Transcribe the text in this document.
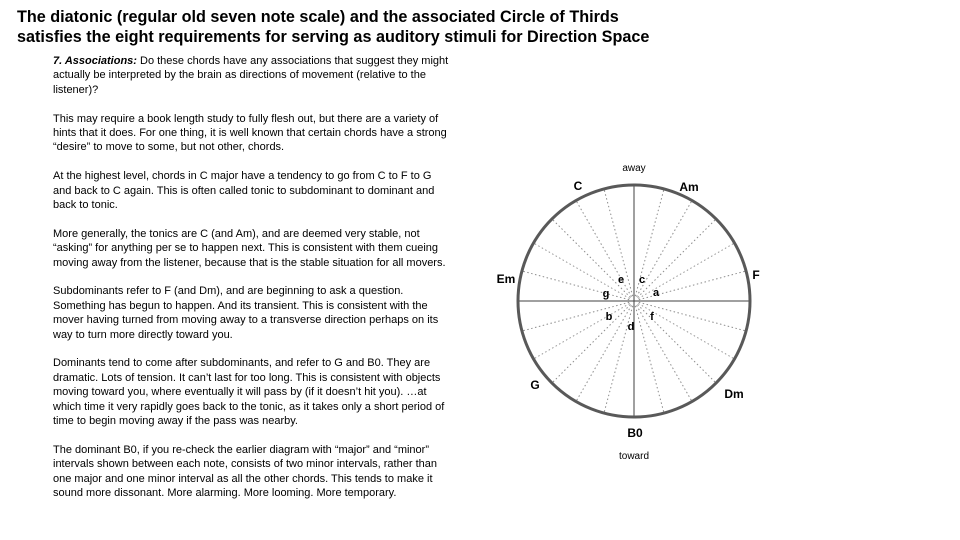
The diatonic (regular old seven note scale) and the associated Circle of Thirds
satisfies the eight requirements for serving as auditory stimuli for Direction Space

7. Associations: Do these chords have any associations that suggest they might
actually be interpreted by the brain as directions of movement (relative to the
listener)?

This may require a book length study to fully flesh out, but there are a variety of
hints that it does. For one thing, it is well known that certain chords have a strong
“desire” to move to some, but not other, chords.

At the highest level, chords in C major have a tendency to go from C to F to G
and back to C again. This is often called tonic to subdominant to dominant and
back to tonic.

More generally, the tonics are C (and Am), and are deemed very stable, not
“asking” for anything per se to happen next. This is consistent with them cueing
moving away from the listener, because that is the stable situation for all movers.

Subdominants refer to F (and Dm), and are beginning to ask a question.
Something has begun to happen. And its transient. This is consistent with the
mover having turned from moving away to a transverse direction perhaps on its
way to turn more directly toward you.

Dominants tend to come after subdominants, and refer to G and B0. They are
dramatic. Lots of tension. It can’t last for too long. This is consistent with objects
moving toward you, where eventually it will pass by (if it doesn’t hit you). …at
which time it very rapidly goes back to the tonic, as it takes only a short period of
time to begin moving away if the pass was nearby.

The dominant B0, if you re-check the earlier diagram with “major” and “minor”
intervals shown between each note, consists of two minor intervals, rather than
one major and one minor interval as all the other chords. This tends to make it
sound more dissonant. More alarming. More looming. More temporary.

away
toward
C	Am
F
Dm
B0
G
Em	e c
g	a
b	f
d
